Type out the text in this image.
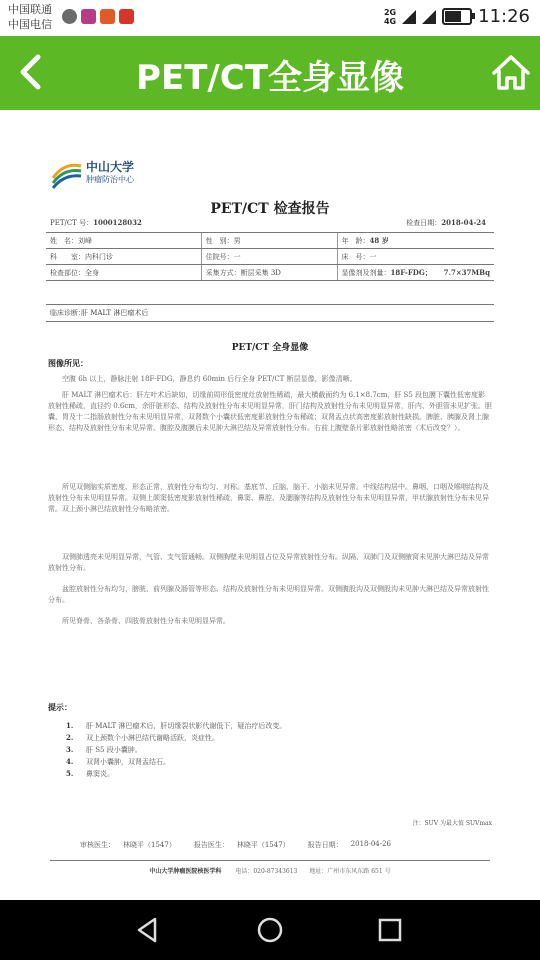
中国联通
中国电信
2G
4G	11:26
PET/CT全身显像
中山大学
肿瘤防治中心
PET/CT 检查报告
PET/CT 号：1000128032	检查日期：2018-04-24
姓　名：刘峰	性　别：男	年　龄：48 岁	
科　　室：内科门诊	住院号：一	床　号：一	
检查部位：全身	采集方式：断层采集 3D	显像剂及剂量：18F-FDG；	7.7×37MBq
临床诊断：肝 MALT 淋巴瘤术后
PET/CT 全身显像
图像所见：
空腹 6h 以上，静脉注射 18F-FDG，静息约 60min 后行全身 PET/CT 断层显像，影像清晰。
肝 MALT 淋巴瘤术后：肝左叶术后缺如，切缘前周形低密度灶放射性稀疏，最大横截面约为 6.1×8.7cm，肝 S5 段包膜下囊性低密度影放射性稀疏，直径约 0.6cm，余肝脏形态、结构及放射性分布未见明显异常，肝门结构及放射性分布未见明显异常，肝内、外胆管未见扩张。胆囊、胃及十二指肠放射性分布未见明显异常，双肾数个小囊状低密度影放射性分布稀疏；双肾盂点状高密度影放射性缺损。脾脏、胰腺及肾上腺形态、结构及放射性分布未见异常。腹腔及腹膜后未见肿大淋巴结及异常放射性分布。右前上腹壁条片影放射性略浓密（术后改变？）。
所见双侧脑实质密度、形态正常，放射性分布均匀、对称。基底节、丘脑、脑干、小脑未见异常。中线结构居中。鼻咽、口咽及喉咽结构及放射性分布未见明显异常。双侧上颌窦低密度影放射性稀疏，鼻窦、鼻腔、及腮腺等结构及放射性分布未见明显异常，甲状腺放射性分布未见异常。双上颈小淋巴结放射性分布略浓密。
双侧肺透亮未见明显异常，气管、支气管通畅。双侧胸壁未见明显占位及异常放射性分布。纵隔、双肺门及双侧腋窝未见肿大淋巴结及异常放射性分布。
盆腔放射性分布均匀，膀胱、前列腺及肠管等形态、结构及放射性分布未见明显异常。双侧腹股沟及双侧股沟未见肿大淋巴结及异常放射性分布。
所见脊骨、各条骨、四肢骨放射性分布未见明显异常。
提示：
1.	肝 MALT 淋巴瘤术后，肝切缘裂状影代谢低下，疑治疗后改变。
2.	双上颈数个小淋巴结代谢略活跃，炎症性。
3.	肝 S5 段小囊肿。
4.	双肾小囊肿，双肾盂结石。
5.	鼻窦炎。
注：SUV 为最大值 SUVmax
审核医生： 林晓平（1547）	报告医生： 林晓平（1547）	报告日期： 2018-04-26
中山大学肿瘤医院核医学科 电话：020-87343613 地址：广州市东风东路 651 号
